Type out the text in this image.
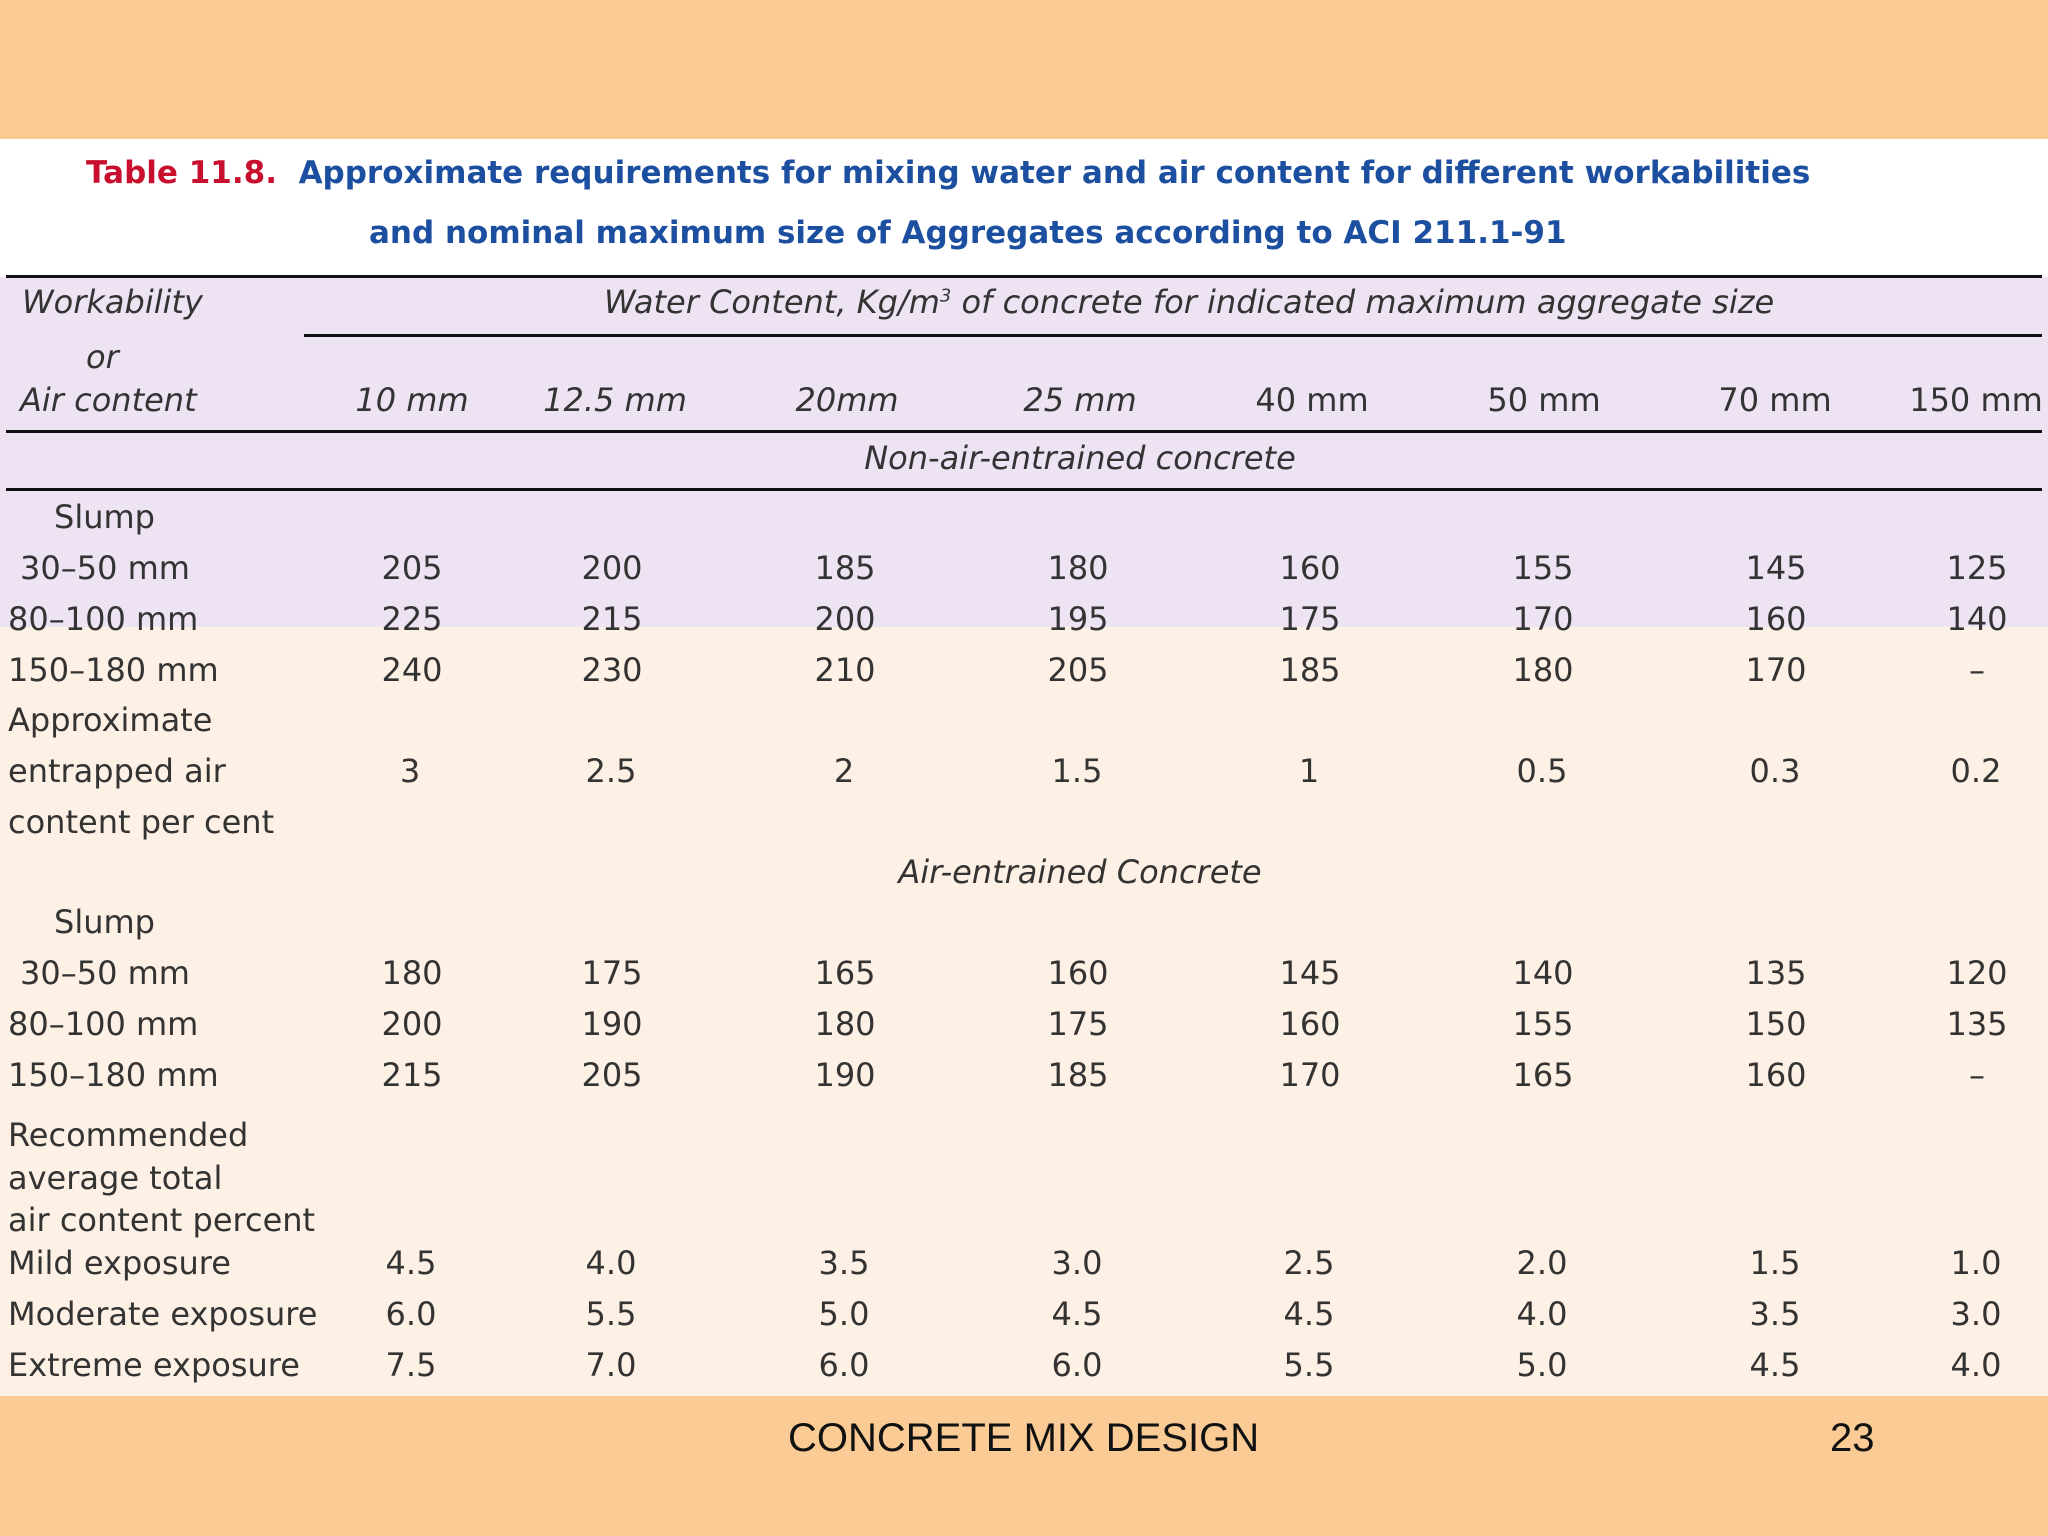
Table 11.8. Approximate requirements for mixing water and air content for different workabilities
and nominal maximum size of Aggregates according to ACI 211.1-91
Workability
or
Air content
Water Content, $Kg/m^3$ of concrete for indicated maximum aggregate size
10 mm 12.5 mm	20mm	25 mm	40 mm	50 mm	70 mm 150 mm
Non-air-entrained concrete
Slump
30–50 mm	205	200	185	180	160	155	145	125
80–100 mm	225	215	200	195	175	170	160	140
150–180 mm	240	230	210	205	185	180	170	–
Approximate
entrapped air
content per cent
3	2.5	2	1.5	1	0.5	0.3	0.2
Air-entrained Concrete
Slump
30–50 mm	180	175	165	160	145	140	135	120
80–100 mm	200	190	180	175	160	155	150	135
150–180 mm	215	205	190	185	170	165	160	–
Recommended
average total
air content percent
Mild exposure	4.5	4.0	3.5	3.0	2.5	2.0	1.5	1.0
Moderate exposure 6.0	5.5	5.0	4.5	4.5	4.0	3.5	3.0
Extreme exposure	7.5	7.0	6.0	6.0	5.5	5.0	4.5	4.0
CONCRETE MIX DESIGN	23
